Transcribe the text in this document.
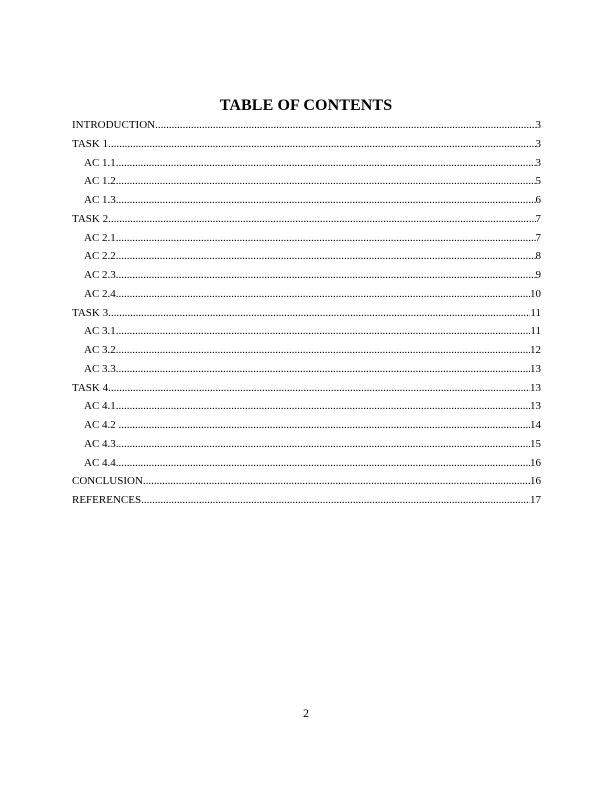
TABLE OF CONTENTS
INTRODUCTION .....	3
TASK 1 .....	3
AC 1.1 .....	3
AC 1.2 .....	5
AC 1.3 .....	6
TASK 2 .....	7
AC 2.1 .....	7
AC 2.2 .....	8
AC 2.3 .....	9
AC 2.4 .....	10
TASK 3 .....	11
AC 3.1 .....	11
AC 3.2 .....	12
AC 3.3 .....	13
TASK 4 .....	13
AC 4.1 .....	13
AC 4.2 .....	14
AC 4.3 .....	15
AC 4.4 .....	16
CONCLUSION .....	16
REFERENCES .....	17
2
